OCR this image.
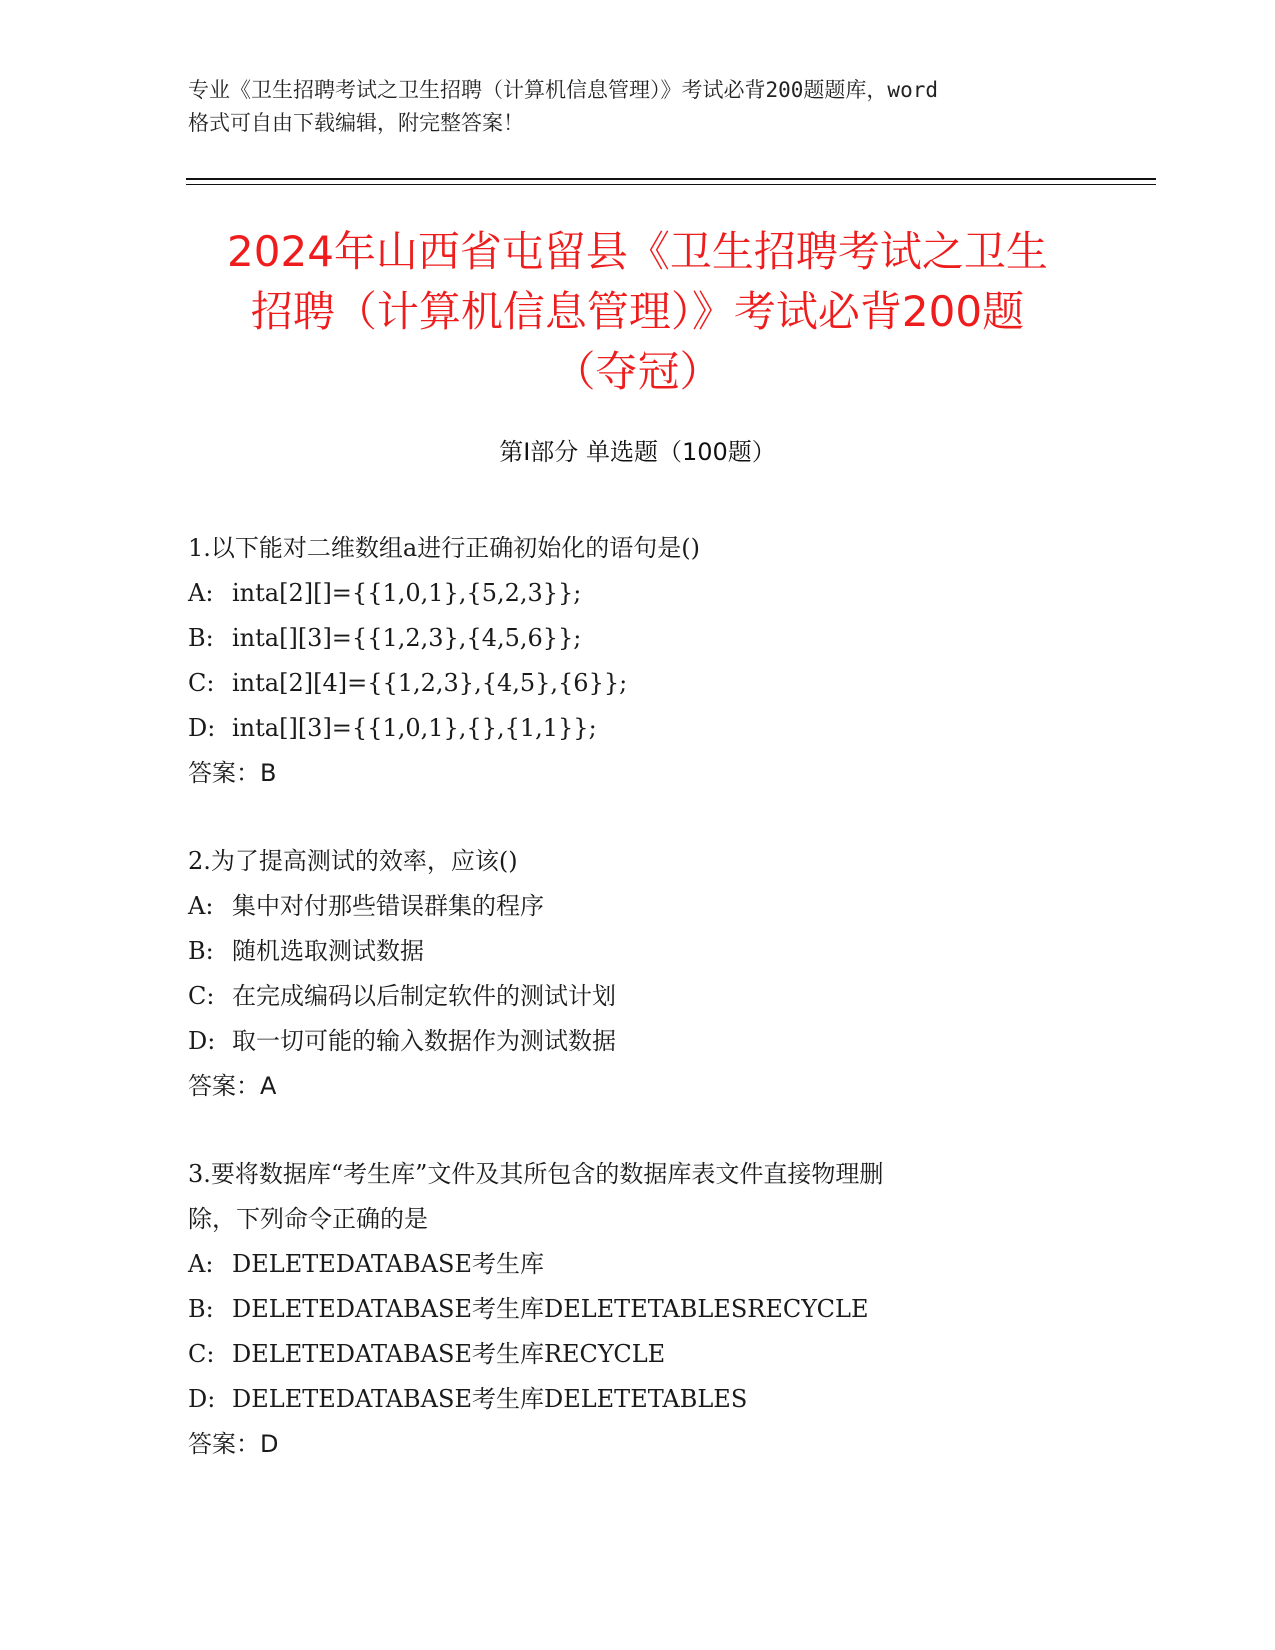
专业《卫生招聘考试之卫生招聘（计算机信息管理）》考试必背200题题库，word
格式可自由下载编辑，附完整答案！
2024年山西省屯留县《卫生招聘考试之卫生
招聘（计算机信息管理）》考试必背200题
（夺冠）
第I部分 单选题（100题）
1.以下能对二维数组a进行正确初始化的语句是()
A: inta[2][]={{1,0,1},{5,2,3}};
B: inta[][3]={{1,2,3},{4,5,6}};
C: inta[2][4]={{1,2,3},{4,5},{6}};
D: inta[][3]={{1,0,1},{},{1,1}};
答案：B
2.为了提高测试的效率，应该()
A: 集中对付那些错误群集的程序
B: 随机选取测试数据
C: 在完成编码以后制定软件的测试计划
D: 取一切可能的输入数据作为测试数据
答案：A
3.要将数据库“考生库”文件及其所包含的数据库表文件直接物理删
除，下列命令正确的是
A: DELETEDATABASE考生库
B: DELETEDATABASE考生库DELETETABLESRECYCLE
C: DELETEDATABASE考生库RECYCLE
D: DELETEDATABASE考生库DELETETABLES
答案：D
